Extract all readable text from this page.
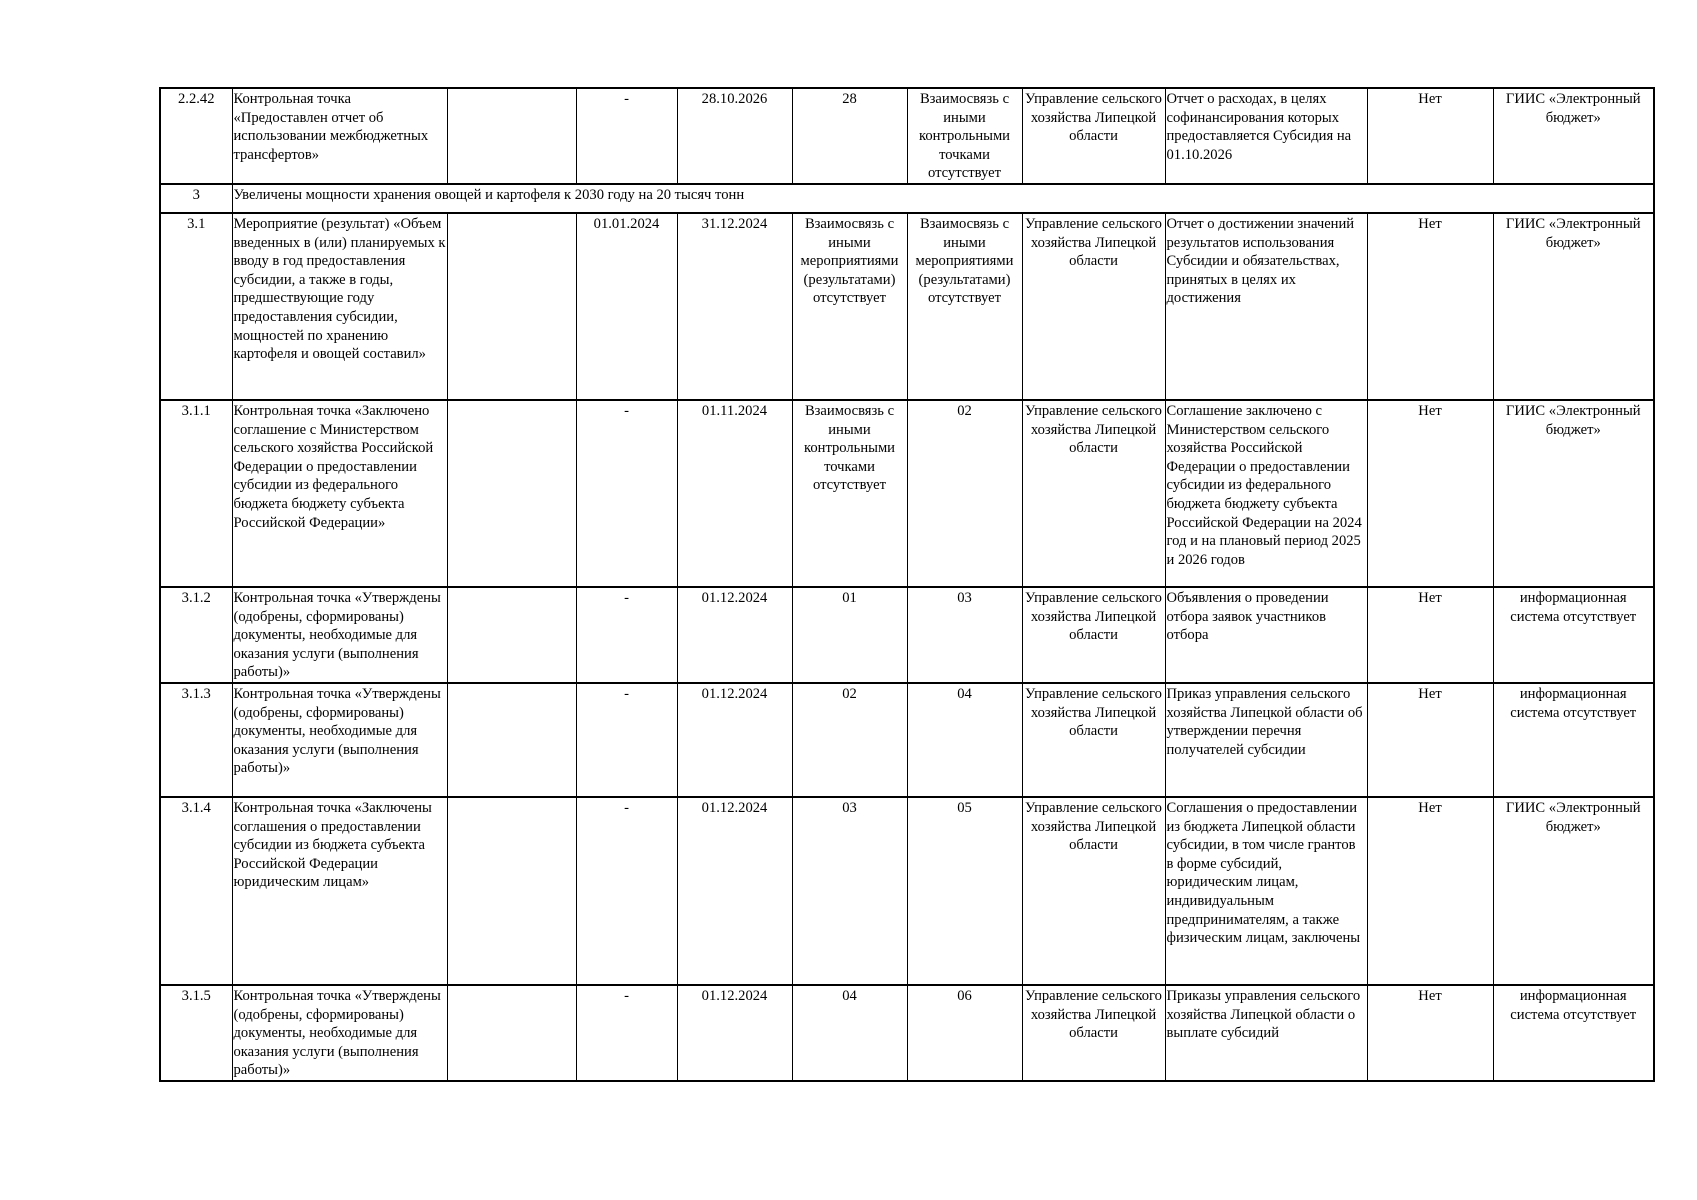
2.2.42	Контрольная точка «Предоставлен отчет об использовании межбюджетных трансфертов»		-	28.10.2026	28	Взаимосвязь с иными контрольными точками отсутствует	Управление сельского хозяйства Липецкой области	Отчет о расходах, в целях софинансирования которых предоставляется Субсидия на 01.10.2026	Нет	ГИИС «Электронный бюджет»
3	Увеличены мощности хранения овощей и картофеля к 2030 году на 20 тысяч тонн									
3.1	Мероприятие (результат) «Объем введенных в (или) планируемых к вводу в год предоставления субсидии, а также в годы, предшествующие году предоставления субсидии, мощностей по хранению картофеля и овощей составил»		01.01.2024	31.12.2024	Взаимосвязь с иными мероприятиями (результатами) отсутствует	Взаимосвязь с иными мероприятиями (результатами) отсутствует	Управление сельского хозяйства Липецкой области	Отчет о достижении значений результатов использования Субсидии и обязательствах, принятых в целях их достижения	Нет	ГИИС «Электронный бюджет»
3.1.1	Контрольная точка «Заключено соглашение с Министерством сельского хозяйства Российской Федерации о предоставлении субсидии из федерального бюджета бюджету субъекта Российской Федерации»		-	01.11.2024	Взаимосвязь с иными контрольными точками отсутствует	02	Управление сельского хозяйства Липецкой области	Соглашение заключено с Министерством сельского хозяйства Российской Федерации о предоставлении субсидии из федерального бюджета бюджету субъекта Российской Федерации на 2024 год и на плановый период 2025 и 2026 годов	Нет	ГИИС «Электронный бюджет»
3.1.2	Контрольная точка «Утверждены (одобрены, сформированы) документы, необходимые для оказания услуги (выполнения работы)»		-	01.12.2024	01	03	Управление сельского хозяйства Липецкой области	Объявления о проведении отбора заявок участников отбора	Нет	информационная система отсутствует
3.1.3	Контрольная точка «Утверждены (одобрены, сформированы) документы, необходимые для оказания услуги (выполнения работы)»		-	01.12.2024	02	04	Управление сельского хозяйства Липецкой области	Приказ управления сельского хозяйства Липецкой области об утверждении перечня получателей субсидии	Нет	информационная система отсутствует
3.1.4	Контрольная точка «Заключены соглашения о предоставлении субсидии из бюджета субъекта Российской Федерации юридическим лицам»		-	01.12.2024	03	05	Управление сельского хозяйства Липецкой области	Соглашения о предоставлении из бюджета Липецкой области субсидии, в том числе грантов в форме субсидий, юридическим лицам, индивидуальным предпринимателям, а также физическим лицам, заключены	Нет	ГИИС «Электронный бюджет»
3.1.5	Контрольная точка «Утверждены (одобрены, сформированы) документы, необходимые для оказания услуги (выполнения работы)»		-	01.12.2024	04	06	Управление сельского хозяйства Липецкой области	Приказы управления сельского хозяйства Липецкой области о выплате субсидий	Нет	информационная система отсутствует
